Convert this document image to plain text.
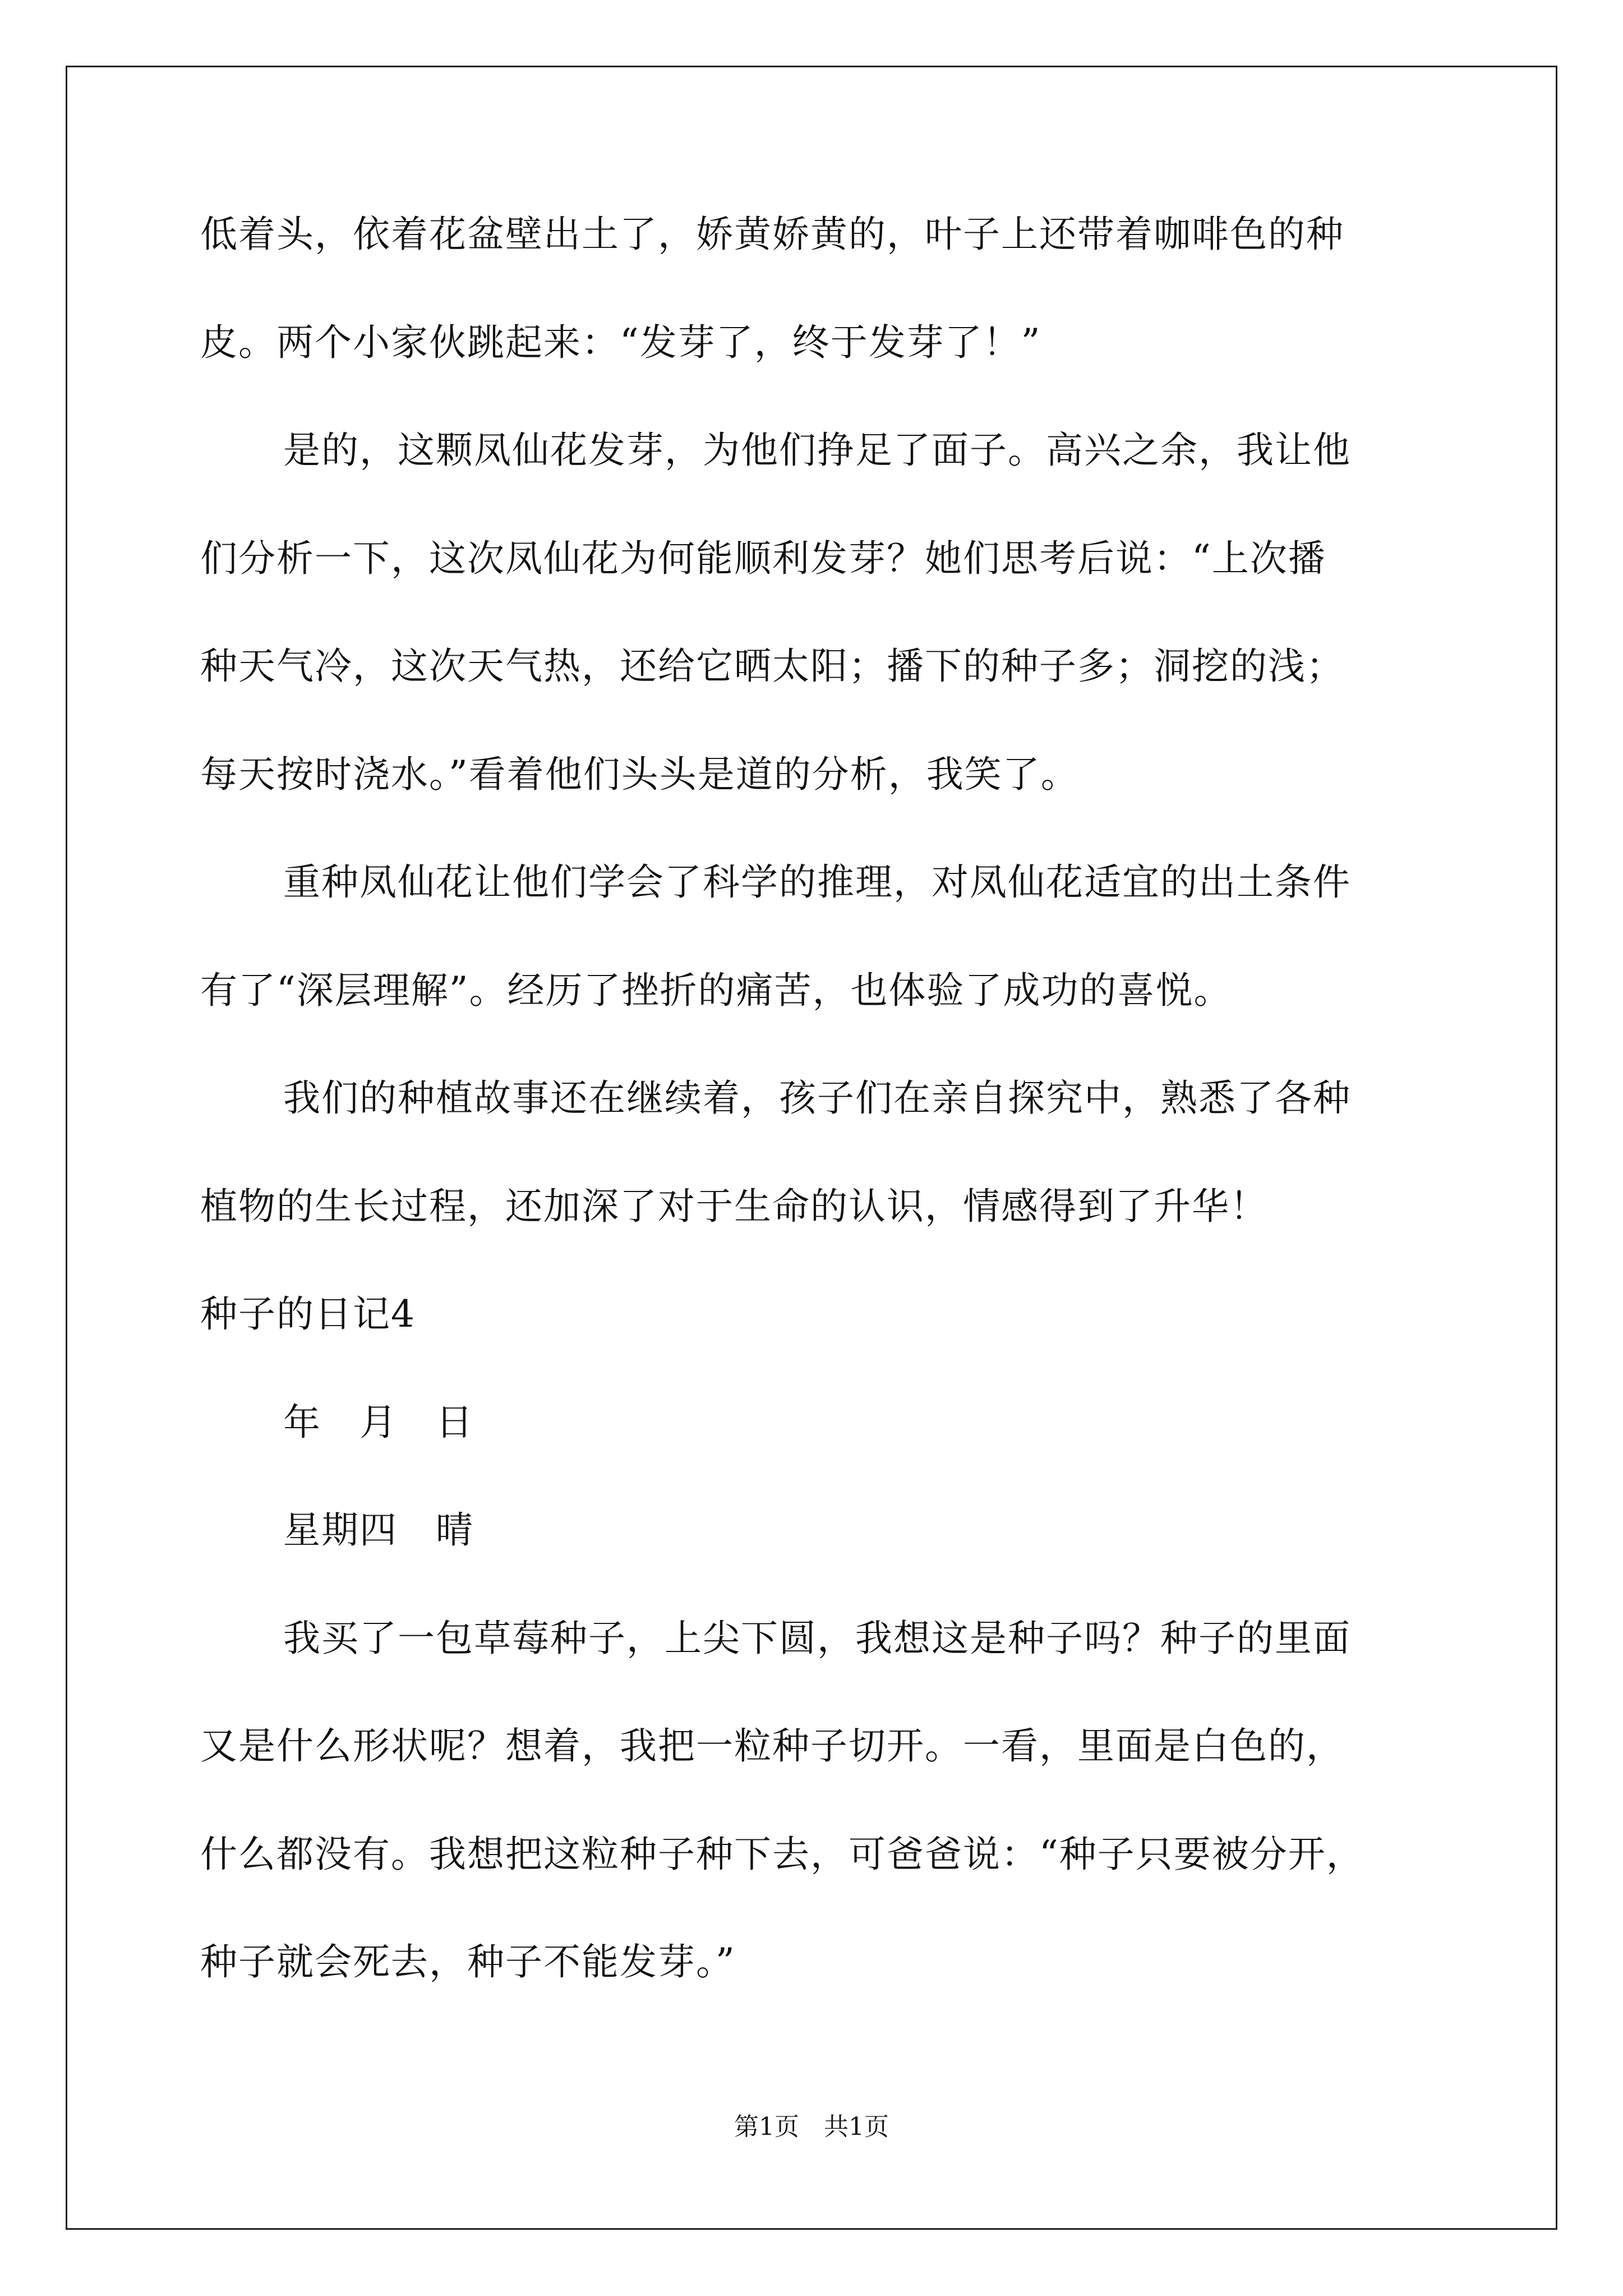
低着头，依着花盆壁出土了，娇黄娇黄的，叶子上还带着咖啡色的种
皮。两个小家伙跳起来：“发芽了，终于发芽了！”
是的，这颗凤仙花发芽，为他们挣足了面子。高兴之余，我让他
们分析一下，这次凤仙花为何能顺利发芽？她们思考后说：“上次播
种天气冷，这次天气热，还给它晒太阳；播下的种子多；洞挖的浅；
每天按时浇水。”看着他们头头是道的分析，我笑了。
重种凤仙花让他们学会了科学的推理，对凤仙花适宜的出土条件
有了“深层理解”。经历了挫折的痛苦，也体验了成功的喜悦。
我们的种植故事还在继续着，孩子们在亲自探究中，熟悉了各种
植物的生长过程，还加深了对于生命的认识，情感得到了升华！
种子的日记4
年　月　日
星期四　晴
我买了一包草莓种子，上尖下圆，我想这是种子吗？种子的里面
又是什么形状呢？想着，我把一粒种子切开。一看，里面是白色的，
什么都没有。我想把这粒种子种下去，可爸爸说：“种子只要被分开，
种子就会死去，种子不能发芽。”
第1页　共1页
